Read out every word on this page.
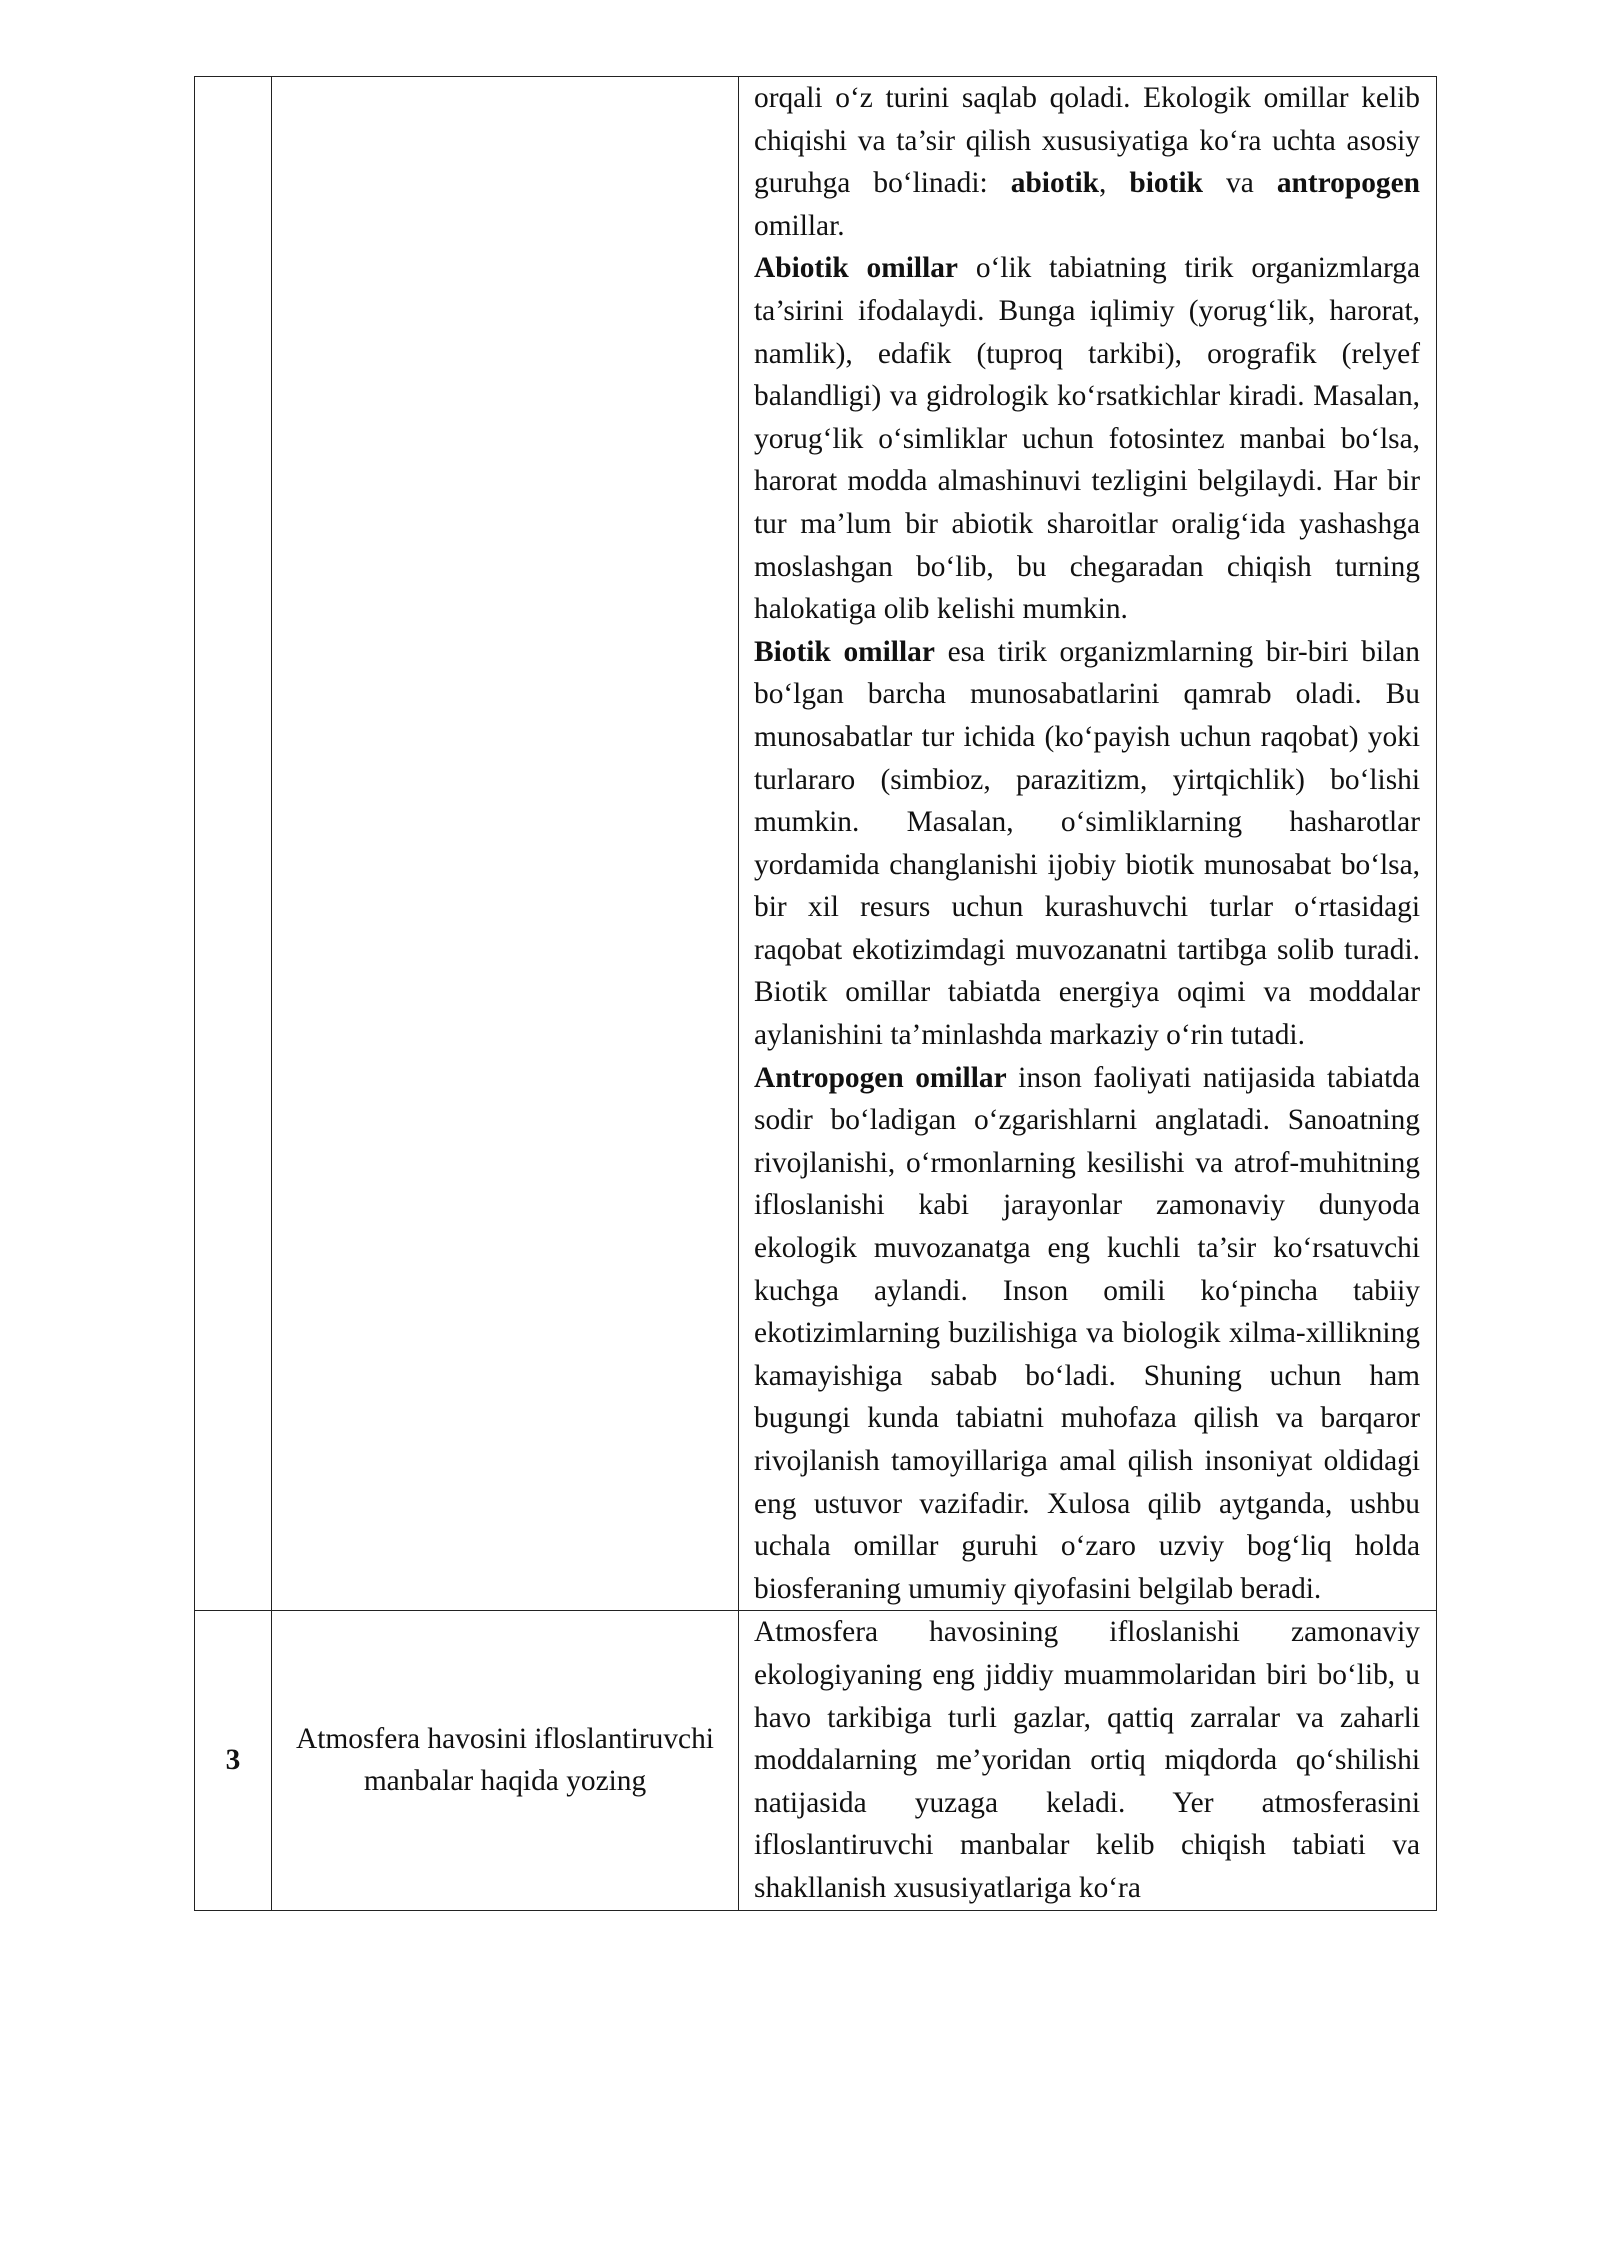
		orqali o‘z turini saqlab qoladi. Ekologik omillar kelib chiqishi va ta’sir qilish xususiyatiga ko‘ra uchta asosiy guruhga bo‘linadi: abiotik, biotik va antropogen omillar.

Abiotik omillar o‘lik tabiatning tirik organizmlarga ta’sirini ifodalaydi. Bunga iqlimiy (yorug‘lik, harorat, namlik), edafik (tuproq tarkibi), orografik (relyef balandligi) va gidrologik ko‘rsatkichlar kiradi. Masalan, yorug‘lik o‘simliklar uchun fotosintez manbai bo‘lsa, harorat modda almashinuvi tezligini belgilaydi. Har bir tur ma’lum bir abiotik sharoitlar oralig‘ida yashashga moslashgan bo‘lib, bu chegaradan chiqish turning halokatiga olib kelishi mumkin.

Biotik omillar esa tirik organizmlarning bir-biri bilan bo‘lgan barcha munosabatlarini qamrab oladi. Bu munosabatlar tur ichida (ko‘payish uchun raqobat) yoki turlararo (simbioz, parazitizm, yirtqichlik) bo‘lishi mumkin. Masalan, o‘simliklarning hasharotlar yordamida changlanishi ijobiy biotik munosabat bo‘lsa, bir xil resurs uchun kurashuvchi turlar o‘rtasidagi raqobat ekotizimdagi muvozanatni tartibga solib turadi. Biotik omillar tabiatda energiya oqimi va moddalar aylanishini ta’minlashda markaziy o‘rin tutadi.

Antropogen omillar inson faoliyati natijasida tabiatda sodir bo‘ladigan o‘zgarishlarni anglatadi. Sanoatning rivojlanishi, o‘rmonlarning kesilishi va atrof-muhitning ifloslanishi kabi jarayonlar zamonaviy dunyoda ekologik muvozanatga eng kuchli ta’sir ko‘rsatuvchi kuchga aylandi. Inson omili ko‘pincha tabiiy ekotizimlarning buzilishiga va biologik xilma-xillikning kamayishiga sabab bo‘ladi. Shuning uchun ham bugungi kunda tabiatni muhofaza qilish va barqaror rivojlanish tamoyillariga amal qilish insoniyat oldidagi eng ustuvor vazifadir. Xulosa qilib aytganda, ushbu uchala omillar guruhi o‘zaro uzviy bog‘liq holda biosferaning umumiy qiyofasini belgilab beradi.

3	Atmosfera havosini ifloslantiruvchi manbalar haqida yozing	Atmosfera havosining ifloslanishi zamonaviy ekologiyaning eng jiddiy muammolaridan biri bo‘lib, u havo tarkibiga turli gazlar, qattiq zarralar va zaharli moddalarning me’yoridan ortiq miqdorda qo‘shilishi natijasida yuzaga keladi. Yer atmosferasini ifloslantiruvchi manbalar kelib chiqish tabiati va shakllanish xususiyatlariga ko‘ra
